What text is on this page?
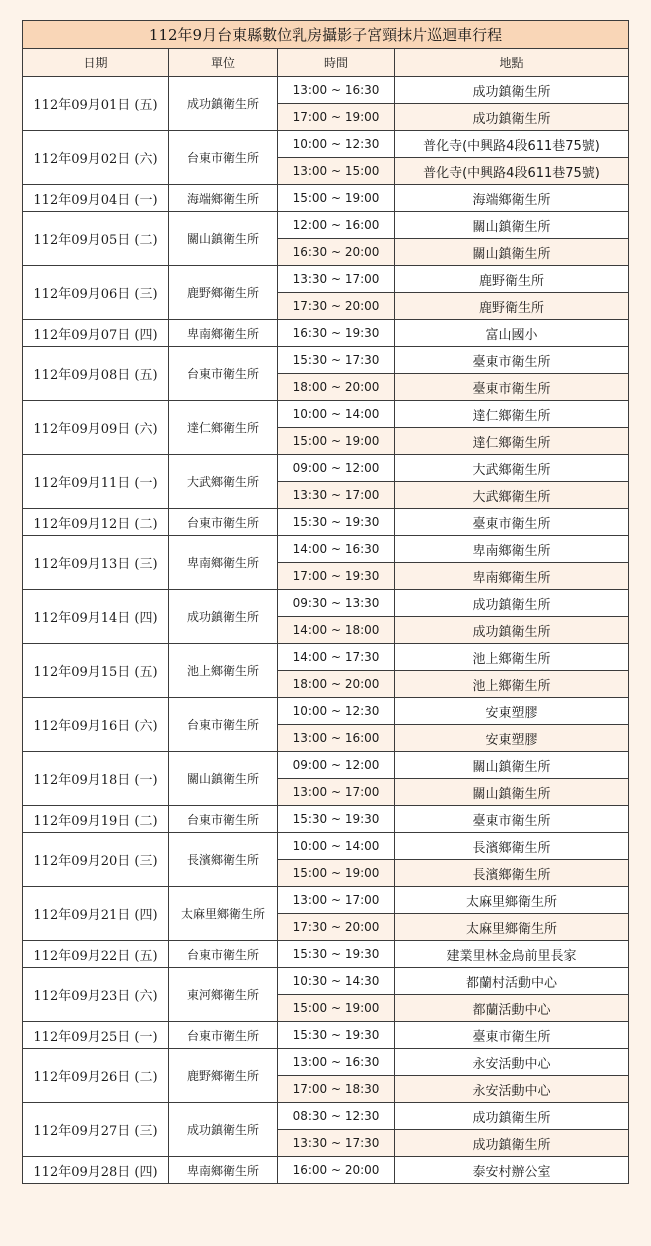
112年9月台東縣數位乳房攝影子宮頸抹片巡迴車行程			
日期	單位	時間	地點
112年09月01日 (五)	成功鎮衛生所	13:00 ~ 16:30	成功鎮衛生所
		17:00 ~ 19:00	成功鎮衛生所
112年09月02日 (六)	台東市衛生所	10:00 ~ 12:30	普化寺(中興路4段611巷75號)
		13:00 ~ 15:00	普化寺(中興路4段611巷75號)
112年09月04日 (一)	海端鄉衛生所	15:00 ~ 19:00	海端鄉衛生所
112年09月05日 (二)	關山鎮衛生所	12:00 ~ 16:00	關山鎮衛生所
		16:30 ~ 20:00	關山鎮衛生所
112年09月06日 (三)	鹿野鄉衛生所	13:30 ~ 17:00	鹿野衛生所
		17:30 ~ 20:00	鹿野衛生所
112年09月07日 (四)	卑南鄉衛生所	16:30 ~ 19:30	富山國小
112年09月08日 (五)	台東市衛生所	15:30 ~ 17:30	臺東市衛生所
		18:00 ~ 20:00	臺東市衛生所
112年09月09日 (六)	達仁鄉衛生所	10:00 ~ 14:00	達仁鄉衛生所
		15:00 ~ 19:00	達仁鄉衛生所
112年09月11日 (一)	大武鄉衛生所	09:00 ~ 12:00	大武鄉衛生所
		13:30 ~ 17:00	大武鄉衛生所
112年09月12日 (二)	台東市衛生所	15:30 ~ 19:30	臺東市衛生所
112年09月13日 (三)	卑南鄉衛生所	14:00 ~ 16:30	卑南鄉衛生所
		17:00 ~ 19:30	卑南鄉衛生所
112年09月14日 (四)	成功鎮衛生所	09:30 ~ 13:30	成功鎮衛生所
		14:00 ~ 18:00	成功鎮衛生所
112年09月15日 (五)	池上鄉衛生所	14:00 ~ 17:30	池上鄉衛生所
		18:00 ~ 20:00	池上鄉衛生所
112年09月16日 (六)	台東市衛生所	10:00 ~ 12:30	安東塑膠
		13:00 ~ 16:00	安東塑膠
112年09月18日 (一)	關山鎮衛生所	09:00 ~ 12:00	關山鎮衛生所
		13:00 ~ 17:00	關山鎮衛生所
112年09月19日 (二)	台東市衛生所	15:30 ~ 19:30	臺東市衛生所
112年09月20日 (三)	長濱鄉衛生所	10:00 ~ 14:00	長濱鄉衛生所
		15:00 ~ 19:00	長濱鄉衛生所
112年09月21日 (四)	太麻里鄉衛生所	13:00 ~ 17:00	太麻里鄉衛生所
		17:30 ~ 20:00	太麻里鄉衛生所
112年09月22日 (五)	台東市衛生所	15:30 ~ 19:30	建業里林金鳥前里長家
112年09月23日 (六)	東河鄉衛生所	10:30 ~ 14:30	都蘭村活動中心
		15:00 ~ 19:00	都蘭活動中心
112年09月25日 (一)	台東市衛生所	15:30 ~ 19:30	臺東市衛生所
112年09月26日 (二)	鹿野鄉衛生所	13:00 ~ 16:30	永安活動中心
		17:00 ~ 18:30	永安活動中心
112年09月27日 (三)	成功鎮衛生所	08:30 ~ 12:30	成功鎮衛生所
		13:30 ~ 17:30	成功鎮衛生所
112年09月28日 (四)	卑南鄉衛生所	16:00 ~ 20:00	泰安村辦公室
